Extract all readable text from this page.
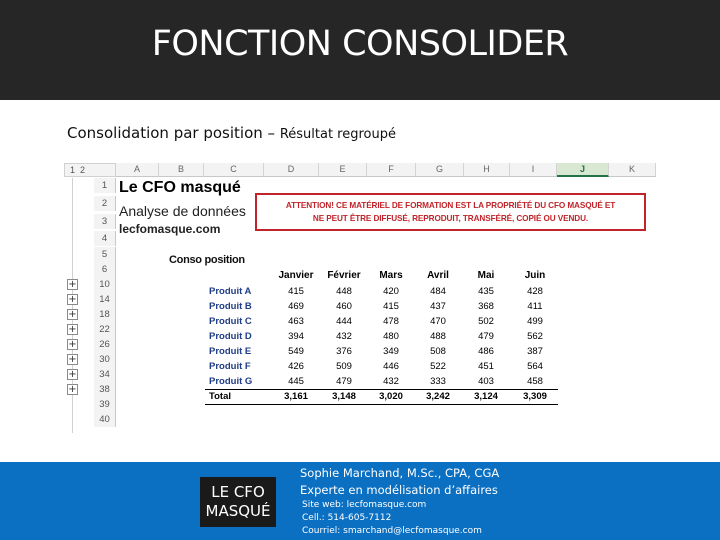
FONCTION CONSOLIDER
Consolidation par position – Résultat regroupé
1 2	A	B	C	D	E	F	G	H	I	J	K
1
2
3
4
5
6
10
14
18
22
26
30
34
38
39
40
+
+
+
+
+
+
+
+
ATTENTION! CE MATÉRIEL DE FORMATION EST LA PROPRIÉTÉ DU CFO MASQUÉ ET
NE PEUT ÊTRE DIFFUSÉ, REPRODUIT, TRANSFÉRÉ, COPIÉ OU VENDU.
LE CFO
MASQUÉ
Sophie Marchand, M.Sc., CPA, CGA
Experte en modélisation d’affaires
Site web: lecfomasque.com
Cell.: 514-605-7112
Courriel: smarchand@lecfomasque.com
Le CFO masqué
Analyse de données
lecfomasque.com
Conso position
Janvier	Février	Mars	Avril	Mai	Juin
Produit A	415	448	420	484	435	428
Produit B	469	460	415	437	368	411
Produit C	463	444	478	470	502	499
Produit D	394	432	480	488	479	562
Produit E	549	376	349	508	486	387
Produit F	426	509	446	522	451	564
Produit G	445	479	432	333	403	458
Total	3,161	3,148	3,020	3,242	3,124	3,309
